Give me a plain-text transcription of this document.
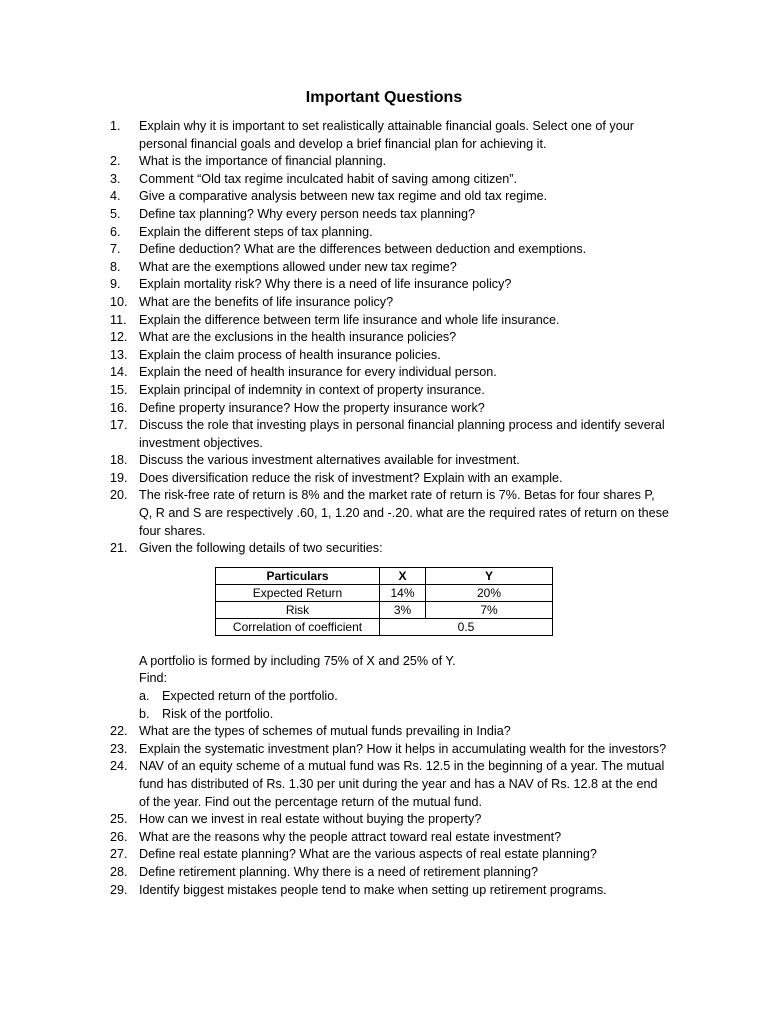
Important Questions
1.	Explain why it is important to set realistically attainable financial goals. Select one of your personal financial goals and develop a brief financial plan for achieving it.
2.	What is the importance of financial planning.
3.	Comment “Old tax regime inculcated habit of saving among citizen”.
4.	Give a comparative analysis between new tax regime and old tax regime.
5.	Define tax planning? Why every person needs tax planning?
6.	Explain the different steps of tax planning.
7.	Define deduction? What are the differences between deduction and exemptions.
8.	What are the exemptions allowed under new tax regime?
9.	Explain mortality risk? Why there is a need of life insurance policy?
10. What are the benefits of life insurance policy?
11. Explain the difference between term life insurance and whole life insurance.
12. What are the exclusions in the health insurance policies?
13. Explain the claim process of health insurance policies.
14. Explain the need of health insurance for every individual person.
15. Explain principal of indemnity in context of property insurance.
16. Define property insurance? How the property insurance work?
17. Discuss the role that investing plays in personal financial planning process and identify several investment objectives.
18. Discuss the various investment alternatives available for investment.
19. Does diversification reduce the risk of investment? Explain with an example.
20. The risk-free rate of return is 8% and the market rate of return is 7%. Betas for four shares P, Q, R and S are respectively .60, 1, 1.20 and -.20. what are the required rates of return on these four shares.
21. Given the following details of two securities:
Particulars	X	Y
Expected Return	14%	20%
Risk	3%	7%
Correlation of coefficient	0.5	
A portfolio is formed by including 75% of X and 25% of Y.
Find:
a. Expected return of the portfolio.
b. Risk of the portfolio.
22. What are the types of schemes of mutual funds prevailing in India?
23. Explain the systematic investment plan? How it helps in accumulating wealth for the investors?
24. NAV of an equity scheme of a mutual fund was Rs. 12.5 in the beginning of a year. The mutual fund has distributed of Rs. 1.30 per unit during the year and has a NAV of Rs. 12.8 at the end of the year. Find out the percentage return of the mutual fund.
25. How can we invest in real estate without buying the property?
26. What are the reasons why the people attract toward real estate investment?
27. Define real estate planning? What are the various aspects of real estate planning?
28. Define retirement planning. Why there is a need of retirement planning?
29. Identify biggest mistakes people tend to make when setting up retirement programs.
